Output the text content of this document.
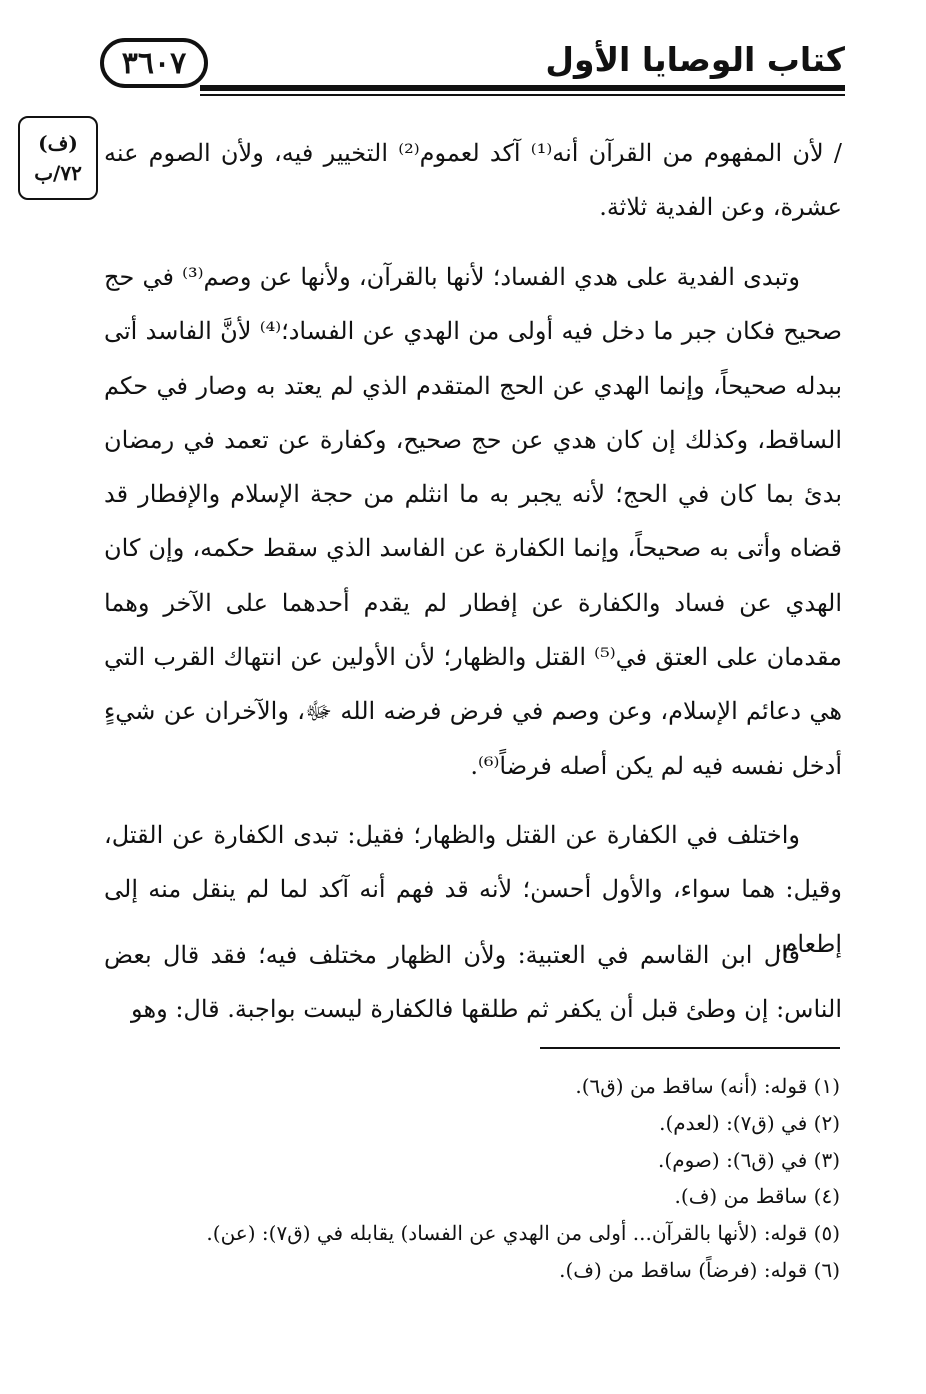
٣٦٠٧	كتاب الوصايا الأول
(ف)
٧٢/ب

/ لأن المفهوم من القرآن أنه⁽¹⁾ آكد لعموم⁽²⁾ التخيير فيه، ولأن الصوم عنه عشرة، وعن الفدية ثلاثة.

وتبدى الفدية على هدي الفساد؛ لأنها بالقرآن، ولأنها عن وصم⁽³⁾ في حج صحيح فكان جبر ما دخل فيه أولى من الهدي عن الفساد؛⁽⁴⁾ لأنَّ الفاسد أتى ببدله صحيحاً، وإنما الهدي عن الحج المتقدم الذي لم يعتد به وصار في حكم الساقط، وكذلك إن كان هدي عن حج صحيح، وكفارة عن تعمد في رمضان بدئ بما كان في الحج؛ لأنه يجبر به ما انثلم من حجة الإسلام والإفطار قد قضاه وأتى به صحيحاً، وإنما الكفارة عن الفاسد الذي سقط حكمه، وإن كان الهدي عن فساد والكفارة عن إفطار لم يقدم أحدهما على الآخر وهما مقدمان على العتق في⁽⁵⁾ القتل والظهار؛ لأن الأولين عن انتهاك القرب التي هي دعائم الإسلام، وعن وصم في فرض فرضه الله ﷻ، والآخران عن شيءٍ أدخل نفسه فيه لم يكن أصله فرضاً⁽⁶⁾.

واختلف في الكفارة عن القتل والظهار؛ فقيل: تبدى الكفارة عن القتل، وقيل: هما سواء، والأول أحسن؛ لأنه قد فهم أنه آكد لما لم ينقل منه إلى إطعام.

قال ابن القاسم في العتبية: ولأن الظهار مختلف فيه؛ فقد قال بعض الناس: إن وطئ قبل أن يكفر ثم طلقها فالكفارة ليست بواجبة. قال: وهو

(١) قوله: (أنه) ساقط من (ق٦).

(٢) في (ق٧): (لعدم).

(٣) في (ق٦): (صوم).

(٤) ساقط من (ف).

(٥) قوله: (لأنها بالقرآن... أولى من الهدي عن الفساد) يقابله في (ق٧): (عن).

(٦) قوله: (فرضاً) ساقط من (ف).
